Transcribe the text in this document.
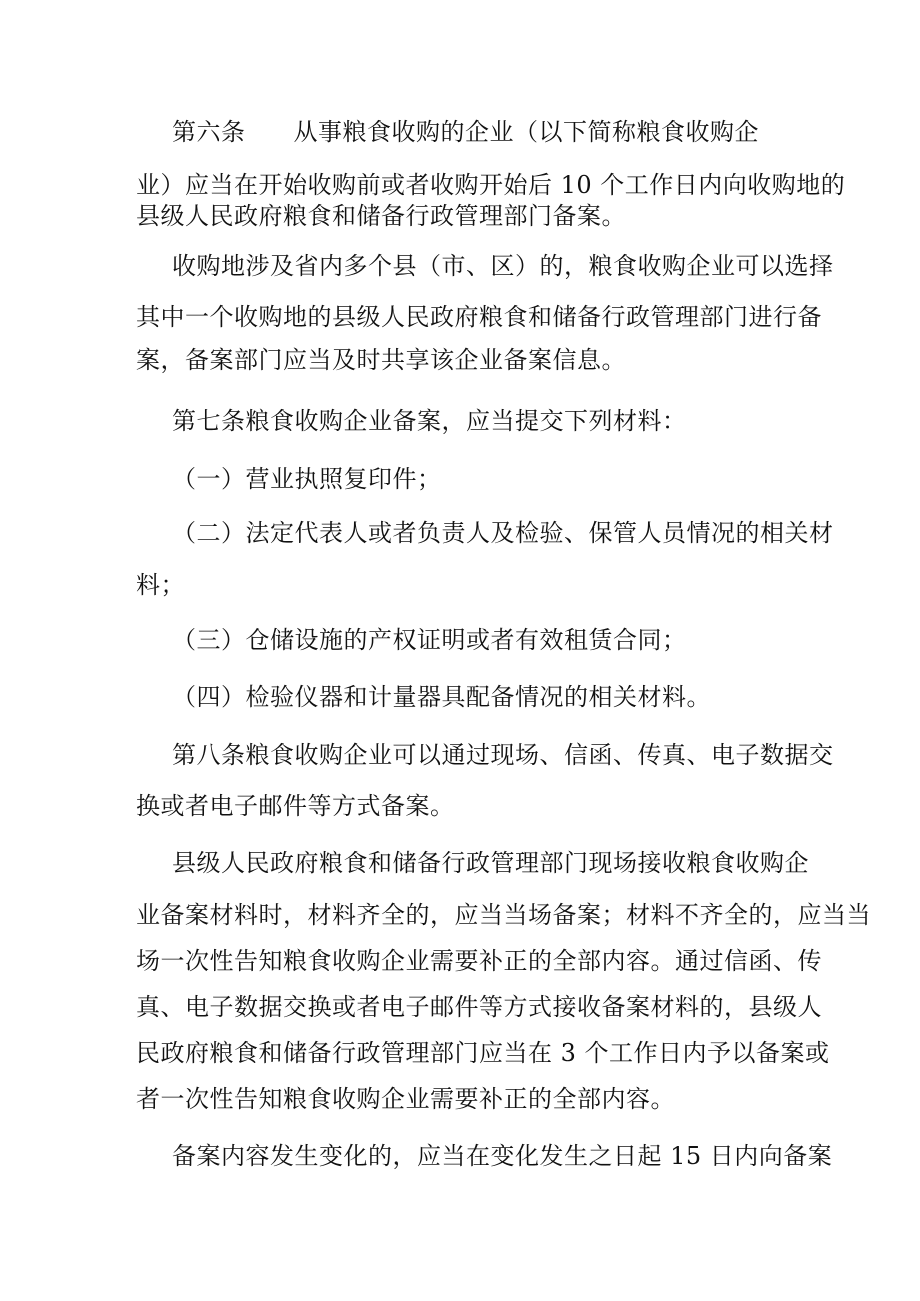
第六条 从事粮食收购的企业（以下简称粮食收购企
业）应当在开始收购前或者收购开始后 10 个工作日内向收购地的
县级人民政府粮食和储备行政管理部门备案。
收购地涉及省内多个县（市、区）的，粮食收购企业可以选择
其中一个收购地的县级人民政府粮食和储备行政管理部门进行备
案，备案部门应当及时共享该企业备案信息。
第七条粮食收购企业备案，应当提交下列材料：
（一）营业执照复印件；
（二）法定代表人或者负责人及检验、保管人员情况的相关材
料；
（三）仓储设施的产权证明或者有效租赁合同；
（四）检验仪器和计量器具配备情况的相关材料。
第八条粮食收购企业可以通过现场、信函、传真、电子数据交
换或者电子邮件等方式备案。
县级人民政府粮食和储备行政管理部门现场接收粮食收购企
业备案材料时，材料齐全的，应当当场备案；材料不齐全的，应当当
场一次性告知粮食收购企业需要补正的全部内容。通过信函、传
真、电子数据交换或者电子邮件等方式接收备案材料的，县级人
民政府粮食和储备行政管理部门应当在 3 个工作日内予以备案或
者一次性告知粮食收购企业需要补正的全部内容。
备案内容发生变化的，应当在变化发生之日起 15 日内向备案
